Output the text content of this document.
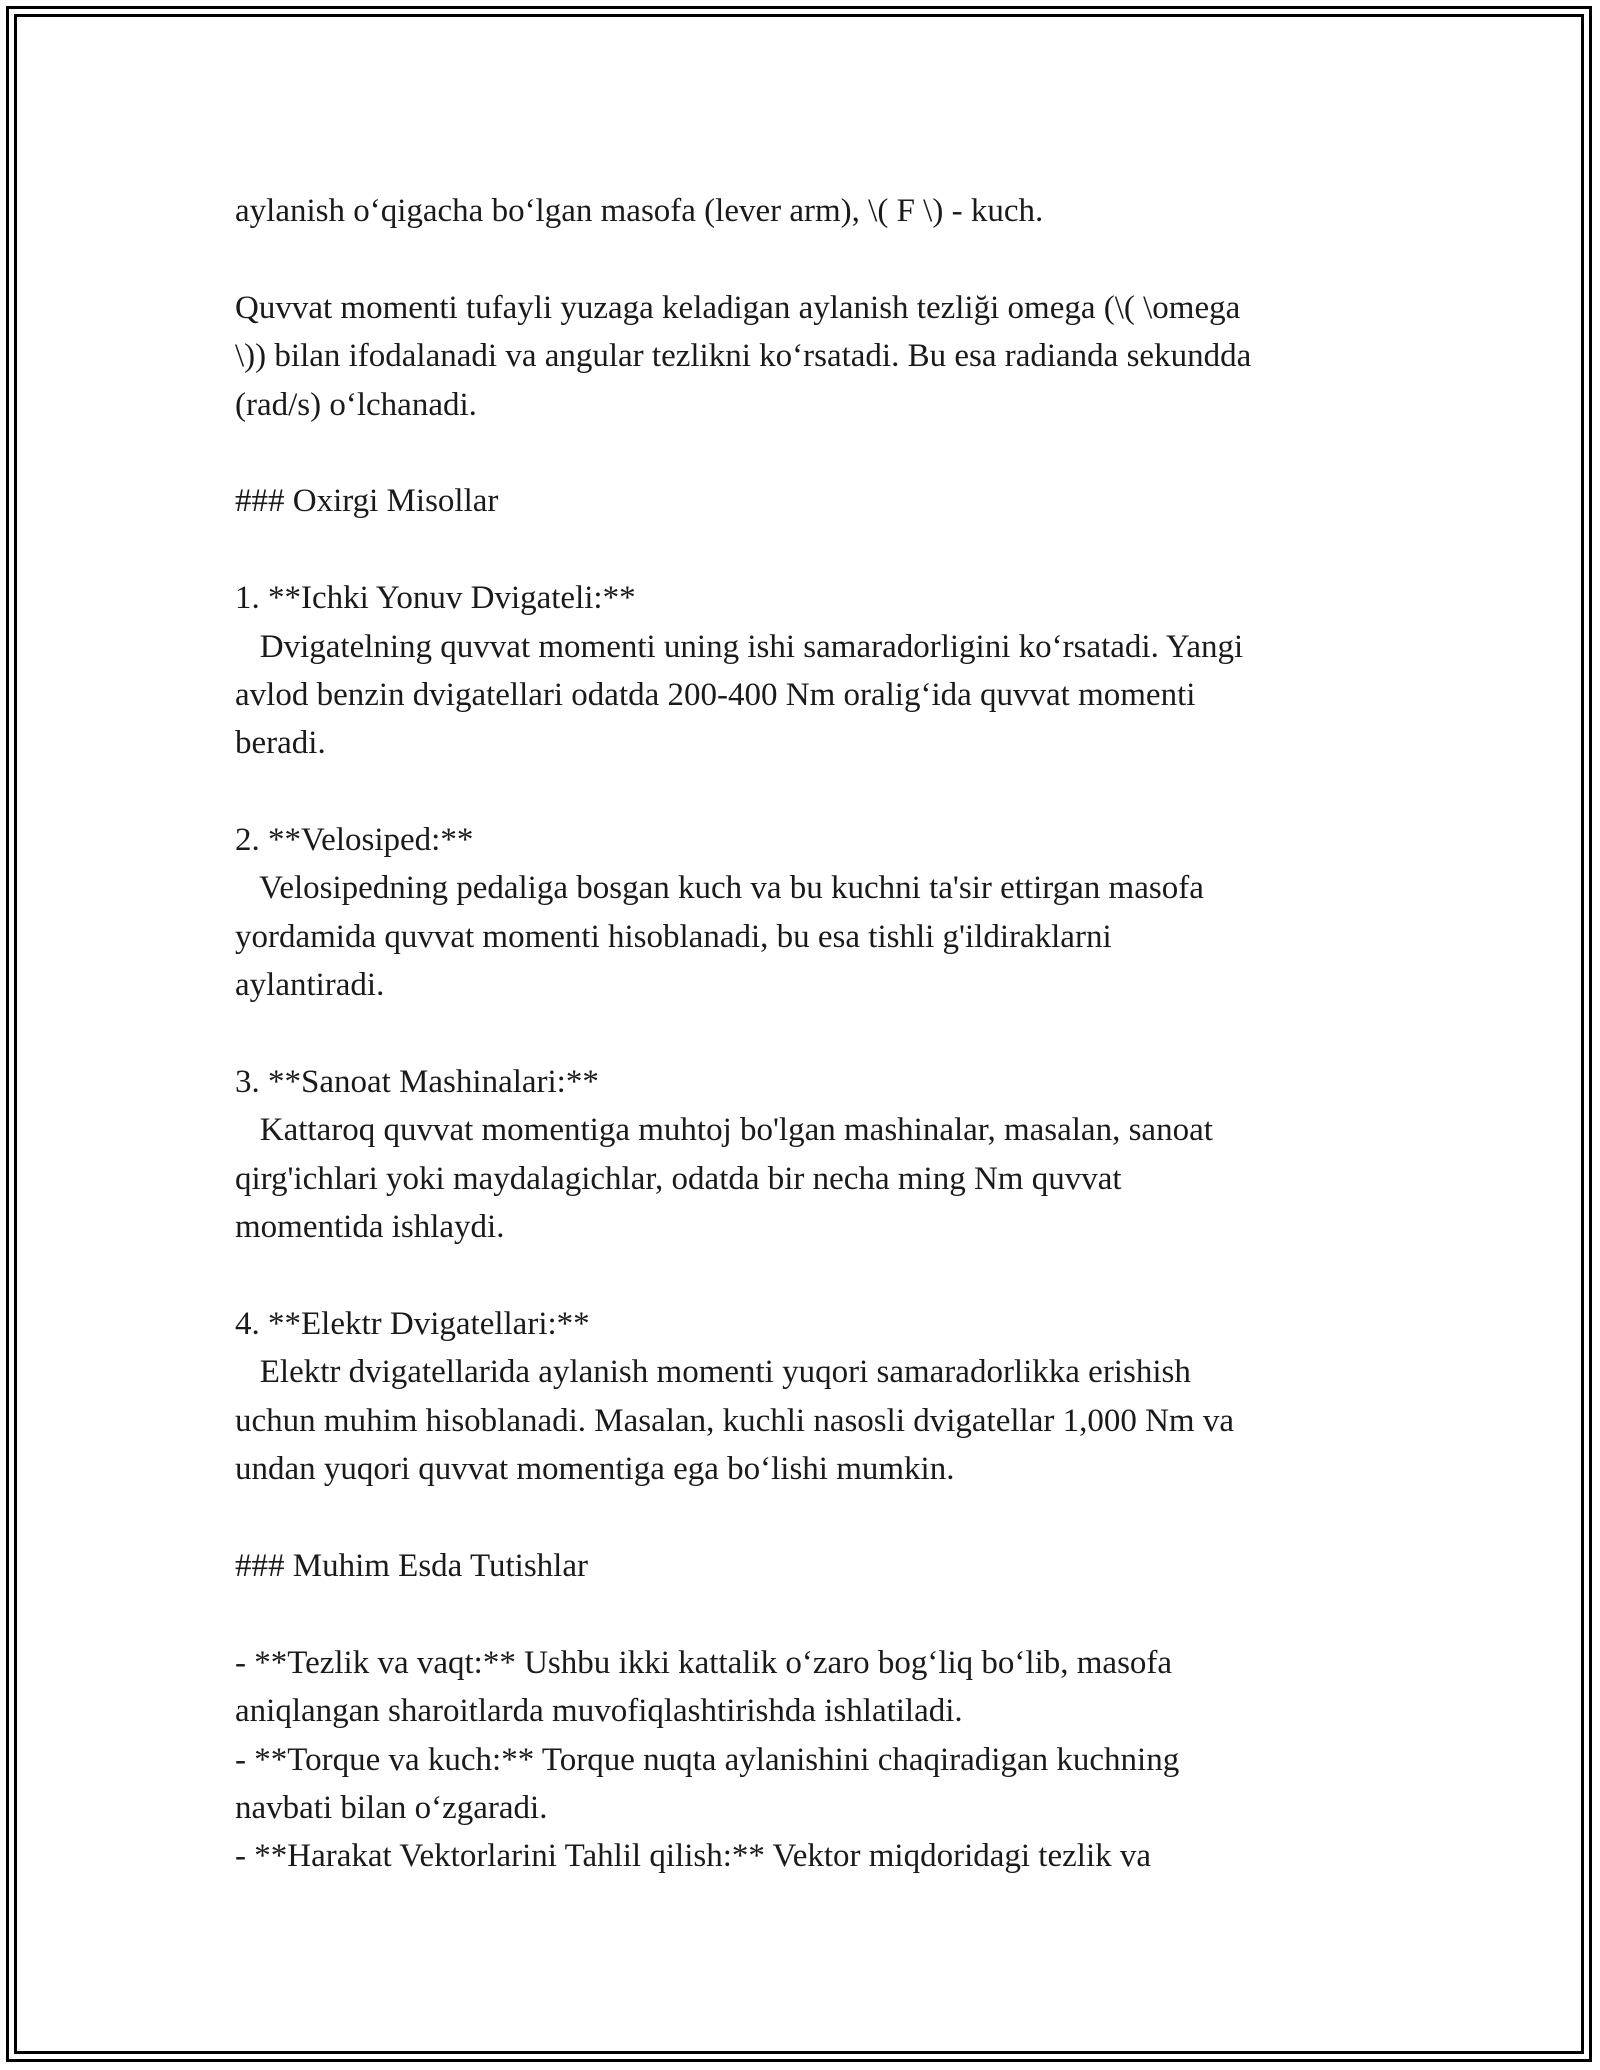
aylanish o‘qigacha bo‘lgan masofa (lever arm), \( F \) - kuch.
Quvvat momenti tufayli yuzaga keladigan aylanish tezliği omega (\( \omega
\)) bilan ifodalanadi va angular tezlikni ko‘rsatadi. Bu esa radianda sekundda
(rad/s) o‘lchanadi.
### Oxirgi Misollar
1. **Ichki Yonuv Dvigateli:**
Dvigatelning quvvat momenti uning ishi samaradorligini ko‘rsatadi. Yangi
avlod benzin dvigatellari odatda 200-400 Nm oralig‘ida quvvat momenti
beradi.
2. **Velosiped:**
Velosipedning pedaliga bosgan kuch va bu kuchni ta'sir ettirgan masofa
yordamida quvvat momenti hisoblanadi, bu esa tishli g'ildiraklarni
aylantiradi.
3. **Sanoat Mashinalari:**
Kattaroq quvvat momentiga muhtoj bo'lgan mashinalar, masalan, sanoat
qirg'ichlari yoki maydalagichlar, odatda bir necha ming Nm quvvat
momentida ishlaydi.
4. **Elektr Dvigatellari:**
Elektr dvigatellarida aylanish momenti yuqori samaradorlikka erishish
uchun muhim hisoblanadi. Masalan, kuchli nasosli dvigatellar 1,000 Nm va
undan yuqori quvvat momentiga ega bo‘lishi mumkin.
### Muhim Esda Tutishlar
- **Tezlik va vaqt:** Ushbu ikki kattalik o‘zaro bog‘liq bo‘lib, masofa
aniqlangan sharoitlarda muvofiqlashtirishda ishlatiladi.
- **Torque va kuch:** Torque nuqta aylanishini chaqiradigan kuchning
navbati bilan o‘zgaradi.
- **Harakat Vektorlarini Tahlil qilish:** Vektor miqdoridagi tezlik va
